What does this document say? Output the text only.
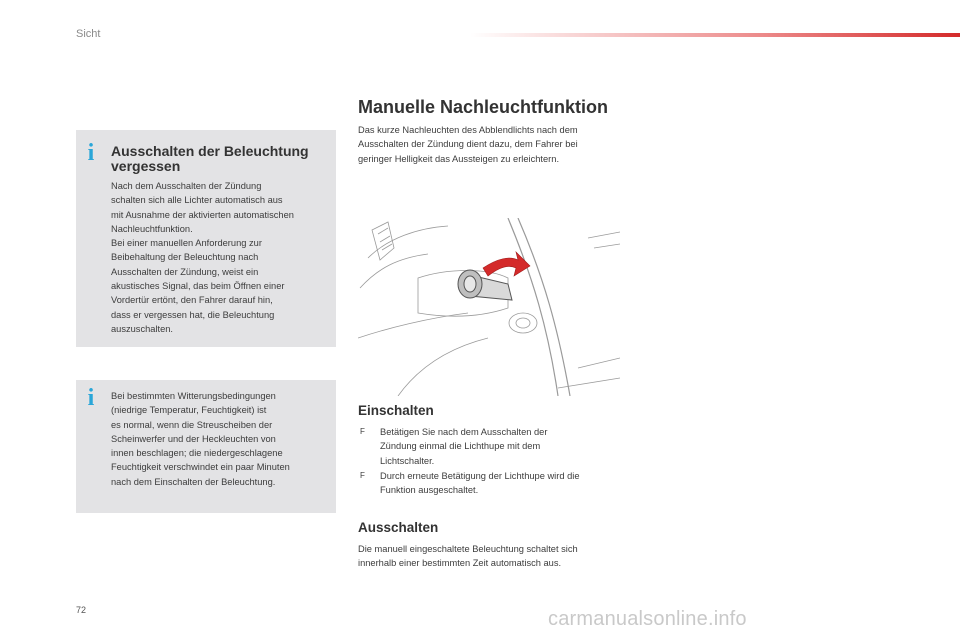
Sicht
i Ausschalten der Beleuchtung
vergessen
Nach dem Ausschalten der Zündung
schalten sich alle Lichter automatisch aus
mit Ausnahme der aktivierten automatischen
Nachleuchtfunktion.
Bei einer manuellen Anforderung zur
Beibehaltung der Beleuchtung nach
Ausschalten der Zündung, weist ein
akustisches Signal, das beim Öffnen einer
Vordertür ertönt, den Fahrer darauf hin,
dass er vergessen hat, die Beleuchtung
auszuschalten.
i Bei bestimmten Witterungsbedingungen
(niedrige Temperatur, Feuchtigkeit) ist
es normal, wenn die Streuscheiben der
Scheinwerfer und der Heckleuchten von
innen beschlagen; die niedergeschlagene
Feuchtigkeit verschwindet ein paar Minuten
nach dem Einschalten der Beleuchtung.
Manuelle Nachleuchtfunktion
Das kurze Nachleuchten des Abblendlichts nach dem
Ausschalten der Zündung dient dazu, dem Fahrer bei
geringer Helligkeit das Aussteigen zu erleichtern.
Einschalten
F Betätigen Sie nach dem Ausschalten der
Zündung einmal die Lichthupe mit dem
Lichtschalter.
F Durch erneute Betätigung der Lichthupe wird die
Funktion ausgeschaltet.
Ausschalten
Die manuell eingeschaltete Beleuchtung schaltet sich
innerhalb einer bestimmten Zeit automatisch aus.
72	carmanualsonline.info
